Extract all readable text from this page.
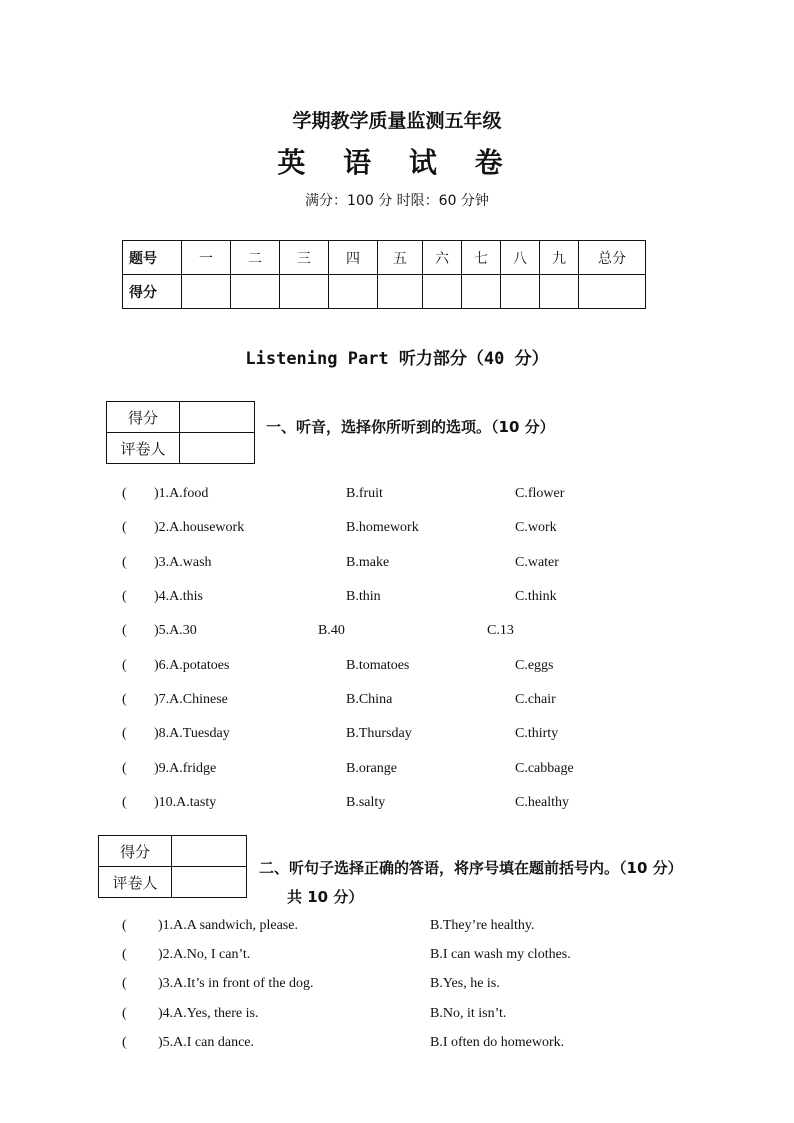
学期教学质量监测五年级
英 语 试 卷
满分：100 分 时限：60 分钟
题号	一	二	三	四	五	六	七	八	九	总分
得分										
Listening Part 听力部分（40 分）
得分	
评卷人	
一、听音，选择你所听到的选项。（10 分）
( )1.A.food	B.fruit	C.flower
( )2.A.housework	B.homework	C.work
( )3.A.wash	B.make	C.water
( )4.A.this	B.thin	C.think
( )5.A.30	B.40	C.13
( )6.A.potatoes	B.tomatoes	C.eggs
( )7.A.Chinese	B.China	C.chair
( )8.A.Tuesday	B.Thursday	C.thirty
( )9.A.fridge	B.orange	C.cabbage
( )10.A.tasty	B.salty	C.healthy
得分	
评卷人	
二、听句子选择正确的答语，将序号填在题前括号内。（10 分）
共 10 分）
( )1.A.A sandwich, please.	B.They’re healthy.
( )2.A.No, I can’t.	B.I can wash my clothes.
( )3.A.It’s in front of the dog.	B.Yes, he is.
( )4.A.Yes, there is.	B.No, it isn’t.
( )5.A.I can dance.	B.I often do homework.
